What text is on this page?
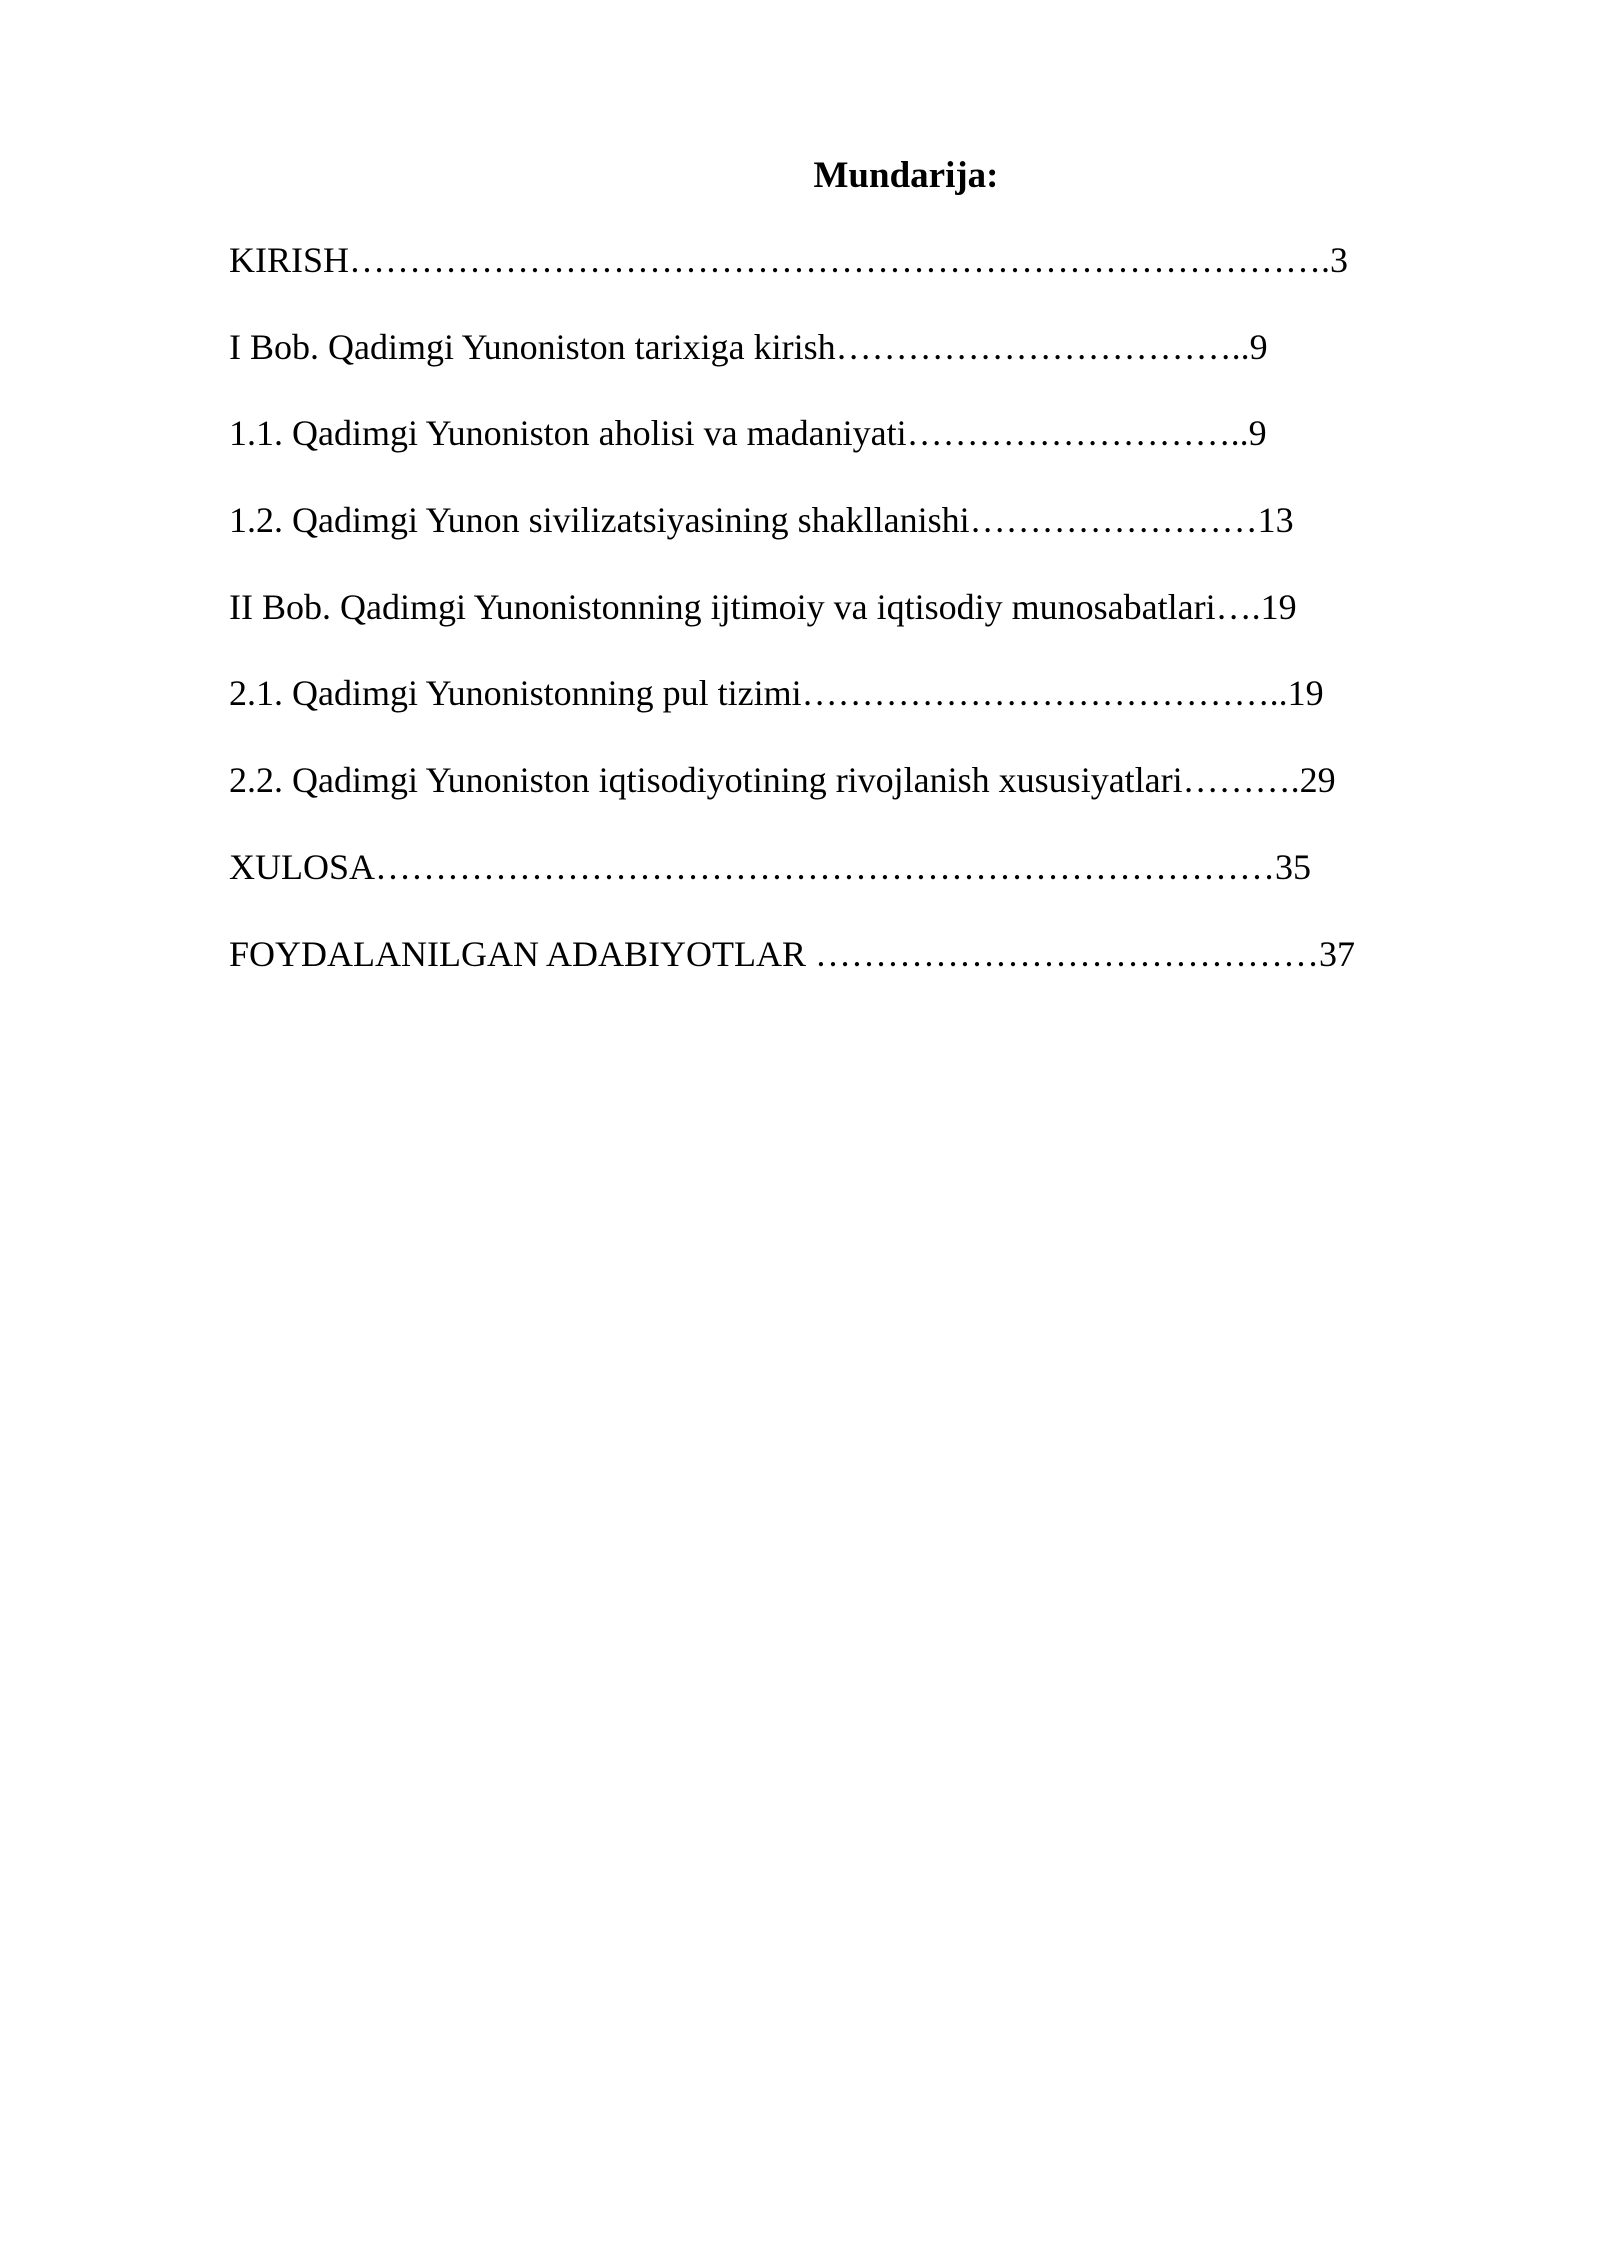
Mundarija:
KIRISH……………………………………………………………………….3
I Bob. Qadimgi Yunoniston tarixiga kirish……………………………..9
1.1. Qadimgi Yunoniston aholisi va madaniyati………………………..9
1.2. Qadimgi Yunon sivilizatsiyasining shakllanishi……………………13
II Bob. Qadimgi Yunonistonning ijtimoiy va iqtisodiy munosabatlari….19
2.1. Qadimgi Yunonistonning pul tizimi…………………………………..19
2.2. Qadimgi Yunoniston iqtisodiyotining rivojlanish xususiyatlari……….29
XULOSA…………………………………………………………………35
FOYDALANILGAN ADABIYOTLAR ……………………………………37
